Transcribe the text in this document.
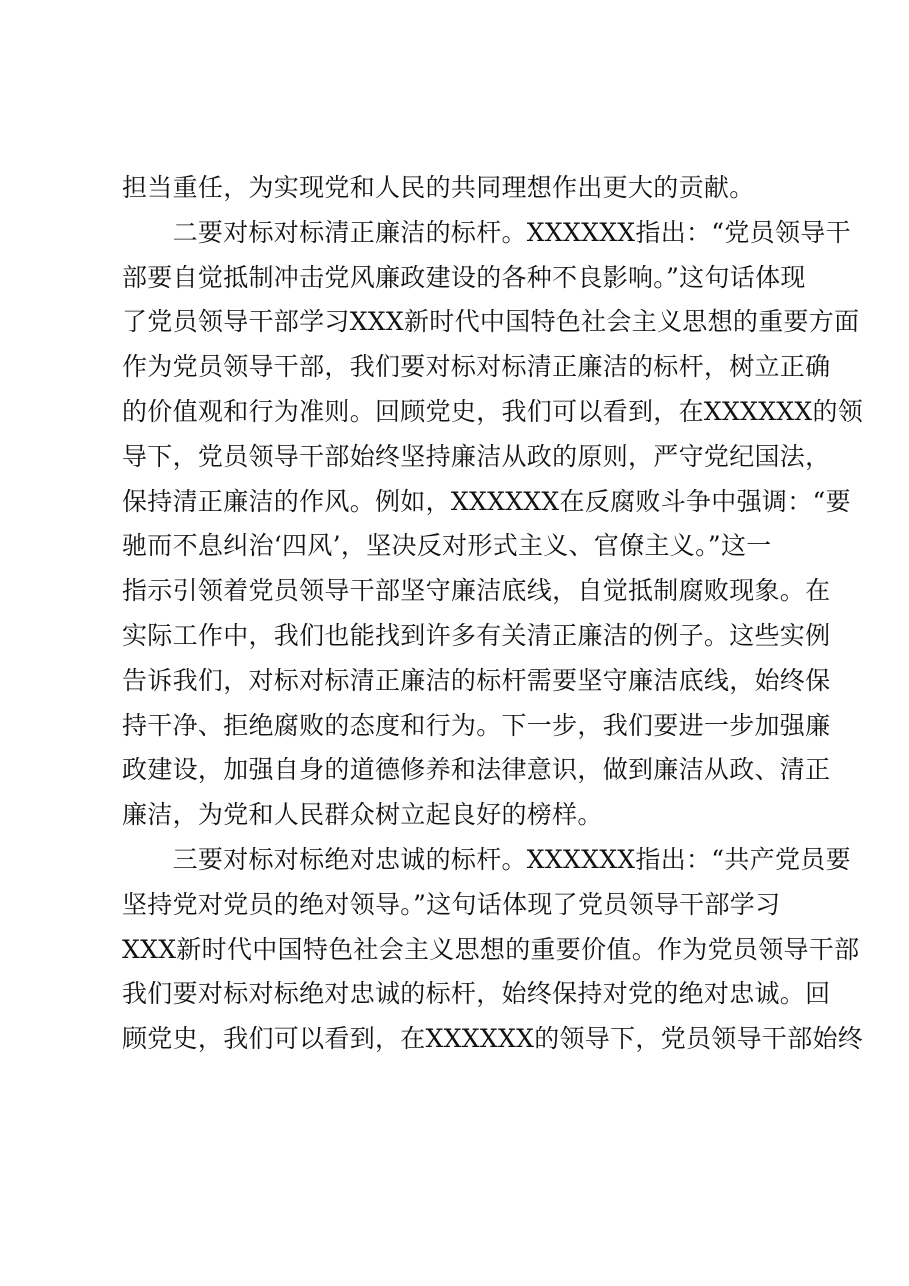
担当重任，为实现党和人民的共同理想作出更大的贡献。
　　二要对标对标清正廉洁的标杆。XXXXXX指出：“党员领导干
部要自觉抵制冲击党风廉政建设的各种不良影响。”这句话体现
了党员领导干部学习XXX新时代中国特色社会主义思想的重要方面
作为党员领导干部，我们要对标对标清正廉洁的标杆，树立正确
的价值观和行为准则。回顾党史，我们可以看到，在XXXXXX的领
导下，党员领导干部始终坚持廉洁从政的原则，严守党纪国法，
保持清正廉洁的作风。例如，XXXXXX在反腐败斗争中强调：“要
驰而不息纠治‘四风’，坚决反对形式主义、官僚主义。”这一
指示引领着党员领导干部坚守廉洁底线，自觉抵制腐败现象。在
实际工作中，我们也能找到许多有关清正廉洁的例子。这些实例
告诉我们，对标对标清正廉洁的标杆需要坚守廉洁底线，始终保
持干净、拒绝腐败的态度和行为。下一步，我们要进一步加强廉
政建设，加强自身的道德修养和法律意识，做到廉洁从政、清正
廉洁，为党和人民群众树立起良好的榜样。
　　三要对标对标绝对忠诚的标杆。XXXXXX指出：“共产党员要
坚持党对党员的绝对领导。”这句话体现了党员领导干部学习
XXX新时代中国特色社会主义思想的重要价值。作为党员领导干部
我们要对标对标绝对忠诚的标杆，始终保持对党的绝对忠诚。回
顾党史，我们可以看到，在XXXXXX的领导下，党员领导干部始终
